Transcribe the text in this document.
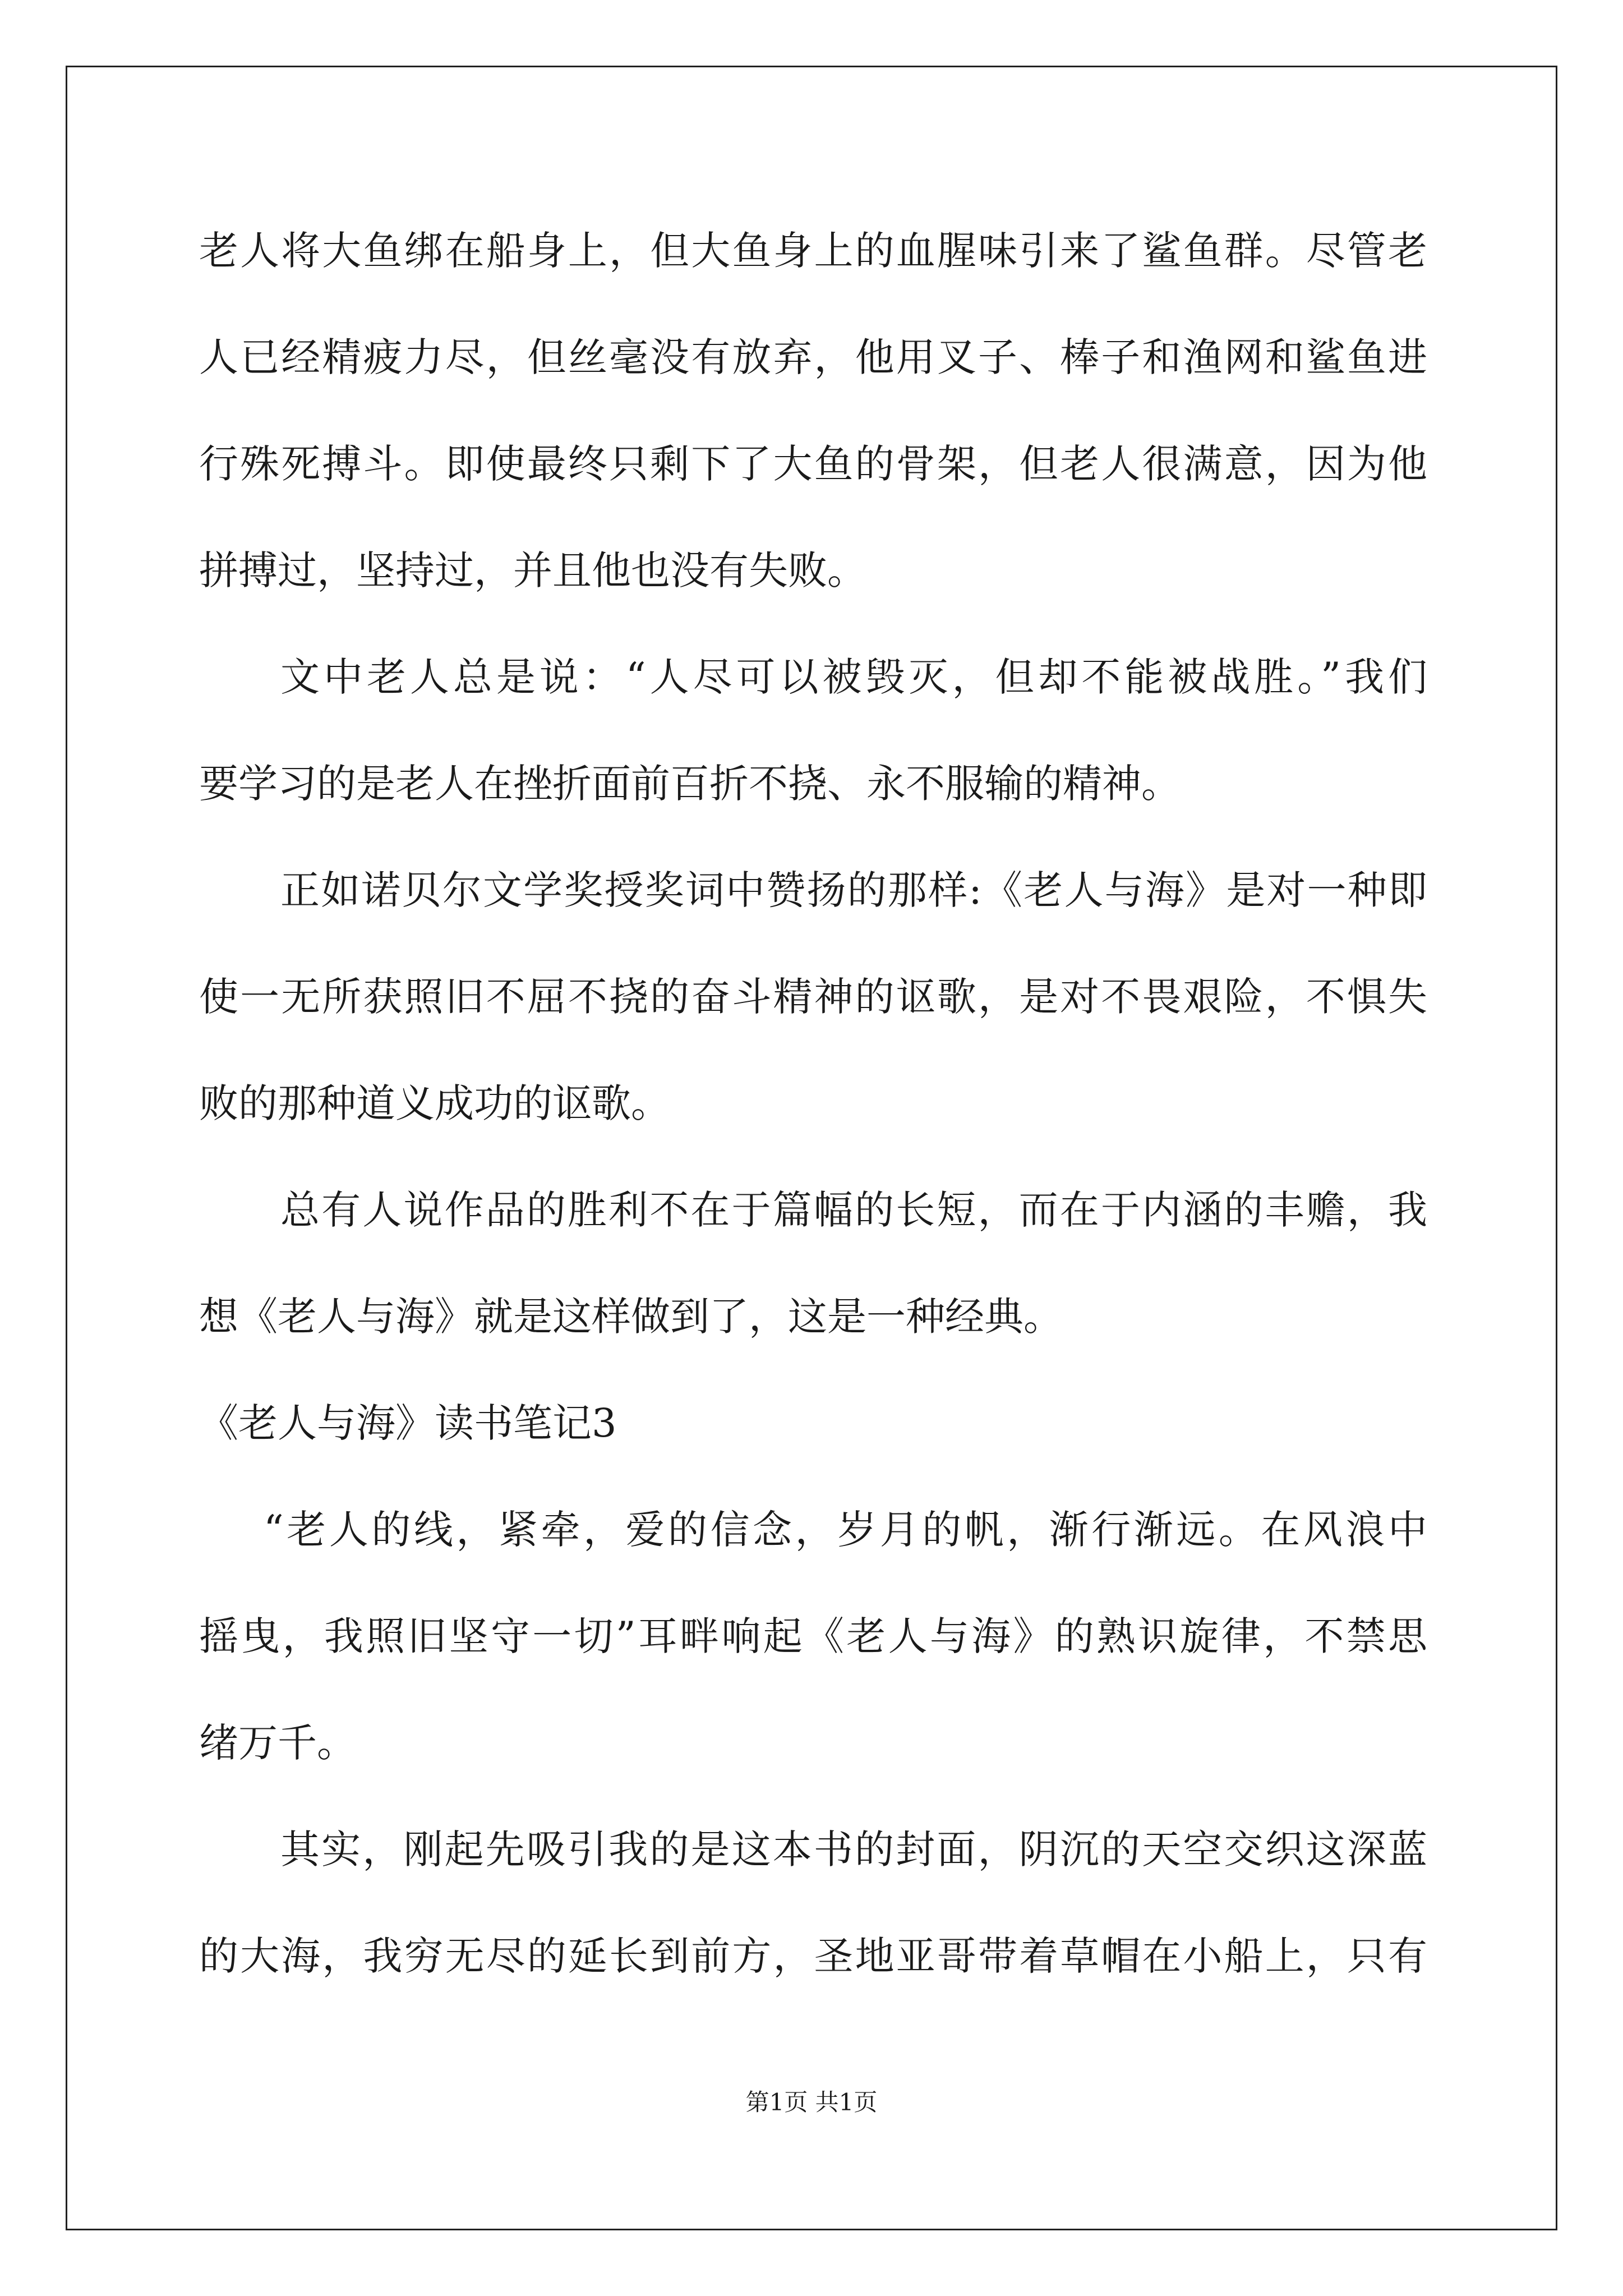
老人将大鱼绑在船身上，但大鱼身上的血腥味引来了鲨鱼群。尽管老
人已经精疲力尽，但丝毫没有放弃，他用叉子、棒子和渔网和鲨鱼进
行殊死搏斗。即使最终只剩下了大鱼的骨架，但老人很满意，因为他
拼搏过，坚持过，并且他也没有失败。
文中老人总是说：“人尽可以被毁灭，但却不能被战胜。”我们
要学习的是老人在挫折面前百折不挠、永不服输的精神。
正如诺贝尔文学奖授奖词中赞扬的那样:《老人与海》是对一种即
使一无所获照旧不屈不挠的奋斗精神的讴歌，是对不畏艰险，不惧失
败的那种道义成功的讴歌。
总有人说作品的胜利不在于篇幅的长短，而在于内涵的丰赡，我
想《老人与海》就是这样做到了，这是一种经典。
《老人与海》读书笔记3
“老人的线，紧牵，爱的信念，岁月的帆，渐行渐远。在风浪中
摇曳，我照旧坚守一切”耳畔响起《老人与海》的熟识旋律，不禁思
绪万千。
其实，刚起先吸引我的是这本书的封面，阴沉的天空交织这深蓝
的大海，我穷无尽的延长到前方，圣地亚哥带着草帽在小船上，只有
第1页 共1页
